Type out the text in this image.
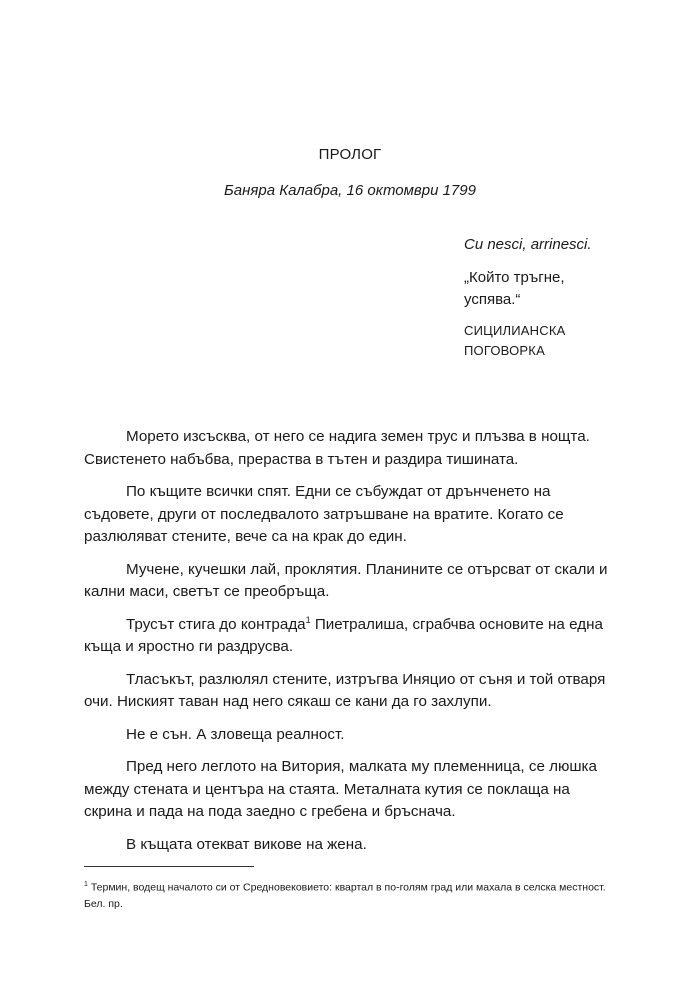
ПРОЛОГ
Баняра Калабра, 16 октомври 1799

Cu nesci, arrinesci.

„Който тръгне, успява.“

СИЦИЛИАНСКА ПОГОВОРКА

Морето изсъсква, от него се надига земен трус и плъзва в нощта. Свистенето набъбва, прераства в тътен и раздира тишината.

По къщите всички спят. Едни се събуждат от дрънченето на съдовете, други от последвалото затръшване на вратите. Когато се разлюляват стените, вече са на крак до един.

Мучене, кучешки лай, проклятия. Планините се отърсват от скали и кални маси, светът се преобръща.

Трусът стига до контрада$^1$ Пиетралиша, сграбчва основите на една къща и яростно ги раздрусва.

Тласъкът, разлюлял стените, изтръгва Иняцио от съня и той отваря очи. Ниският таван над него сякаш се кани да го захлупи.

Не е сън. А зловеща реалност.

Пред него леглото на Витория, малката му племенница, се люшка между стената и центъра на стаята. Металната кутия се поклаща на скрина и пада на пода заедно с гребена и бръснача.

В къщата отекват викове на жена.

$^1$ Термин, водещ началото си от Средновековието: квартал в по-голям град или махала в селска местност. Бел. пр.
